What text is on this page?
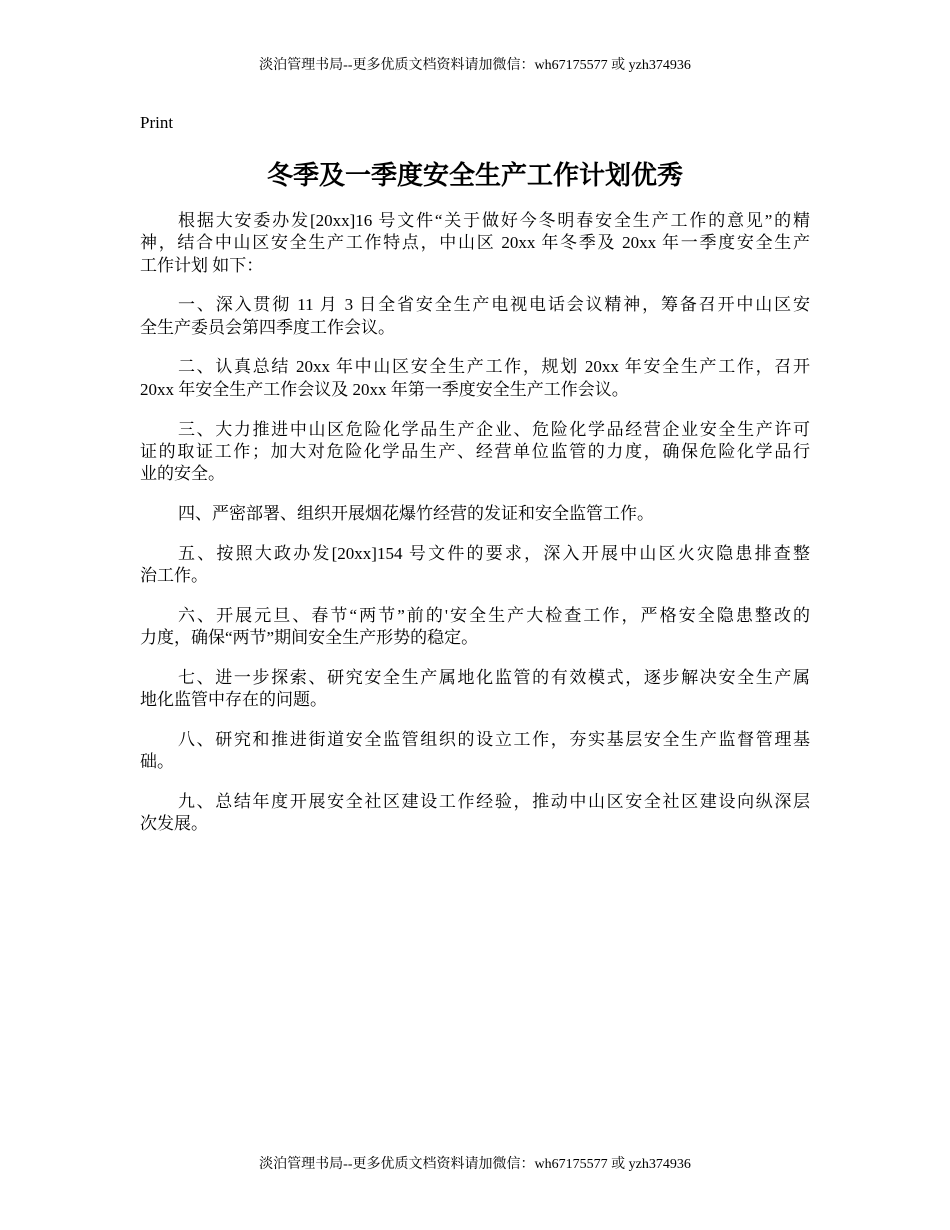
淡泊管理书局--更多优质文档资料请加微信：wh67175577 或 yzh374936
Print
冬季及一季度安全生产工作计划优秀
根据大安委办发[20xx]16 号文件“关于做好今冬明春安全生产工作的意见”的精
神，结合中山区安全生产工作特点，中山区 20xx 年冬季及 20xx 年一季度安全生产
工作计划 如下：
一、深入贯彻 11 月 3 日全省安全生产电视电话会议精神，筹备召开中山区安
全生产委员会第四季度工作会议。
二、认真总结 20xx 年中山区安全生产工作，规划 20xx 年安全生产工作，召开
20xx 年安全生产工作会议及 20xx 年第一季度安全生产工作会议。
三、大力推进中山区危险化学品生产企业、危险化学品经营企业安全生产许可
证的取证工作；加大对危险化学品生产、经营单位监管的力度，确保危险化学品行
业的安全。
四、严密部署、组织开展烟花爆竹经营的发证和安全监管工作。
五、按照大政办发[20xx]154 号文件的要求，深入开展中山区火灾隐患排查整
治工作。
六、开展元旦、春节“两节”前的'安全生产大检查工作，严格安全隐患整改的
力度，确保“两节”期间安全生产形势的稳定。
七、进一步探索、研究安全生产属地化监管的有效模式，逐步解决安全生产属
地化监管中存在的问题。
八、研究和推进街道安全监管组织的设立工作，夯实基层安全生产监督管理基
础。
九、总结年度开展安全社区建设工作经验，推动中山区安全社区建设向纵深层
次发展。
淡泊管理书局--更多优质文档资料请加微信：wh67175577 或 yzh374936
